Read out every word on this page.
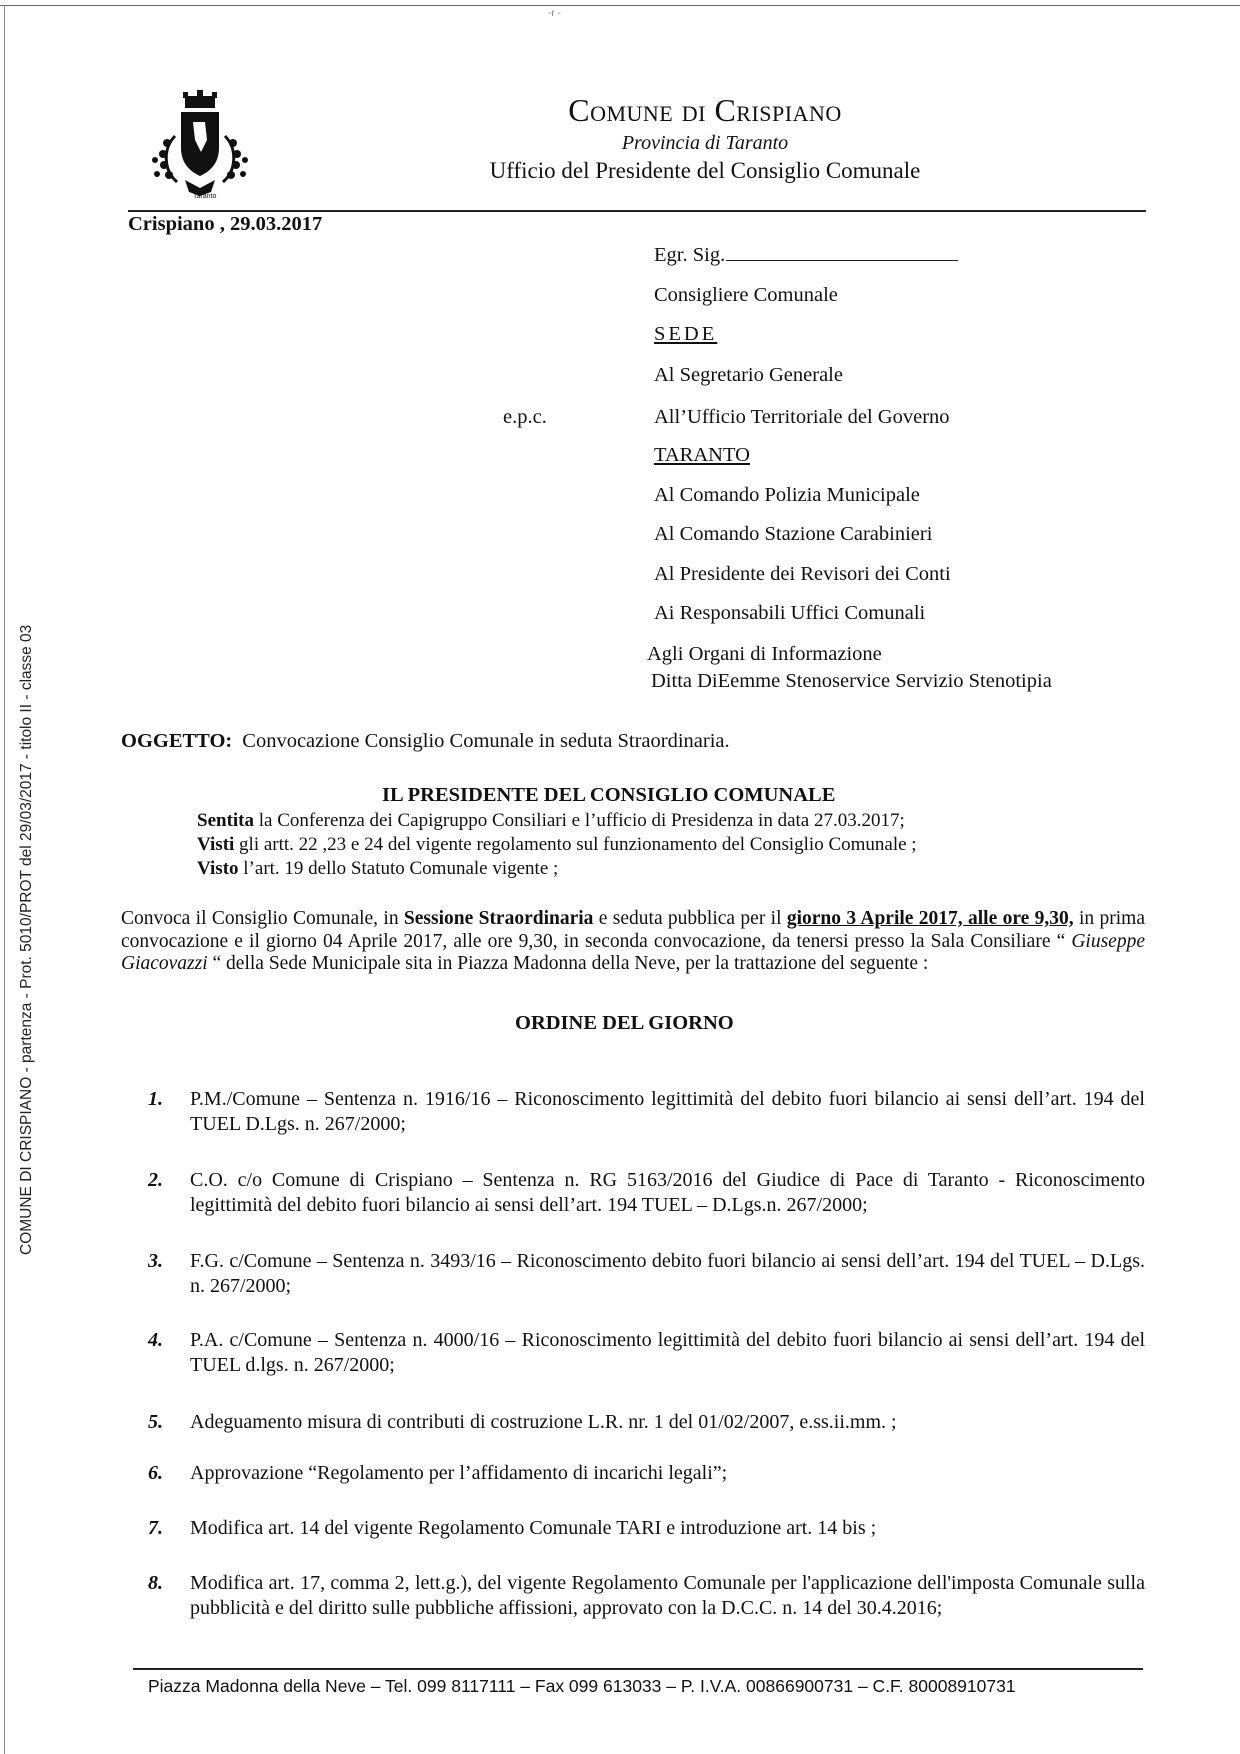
-r -
COMUNE DI CRISPIANO - partenza - Prot. 5010/PROT del 29/03/2017 - titolo II - classe 03
Taranto
Comune di Crispiano
Provincia di Taranto
Ufficio del Presidente del Consiglio Comunale
Crispiano , 29.03.2017
Egr. Sig.
Consigliere Comunale
SEDE
Al Segretario Generale
e.p.c.	All’Ufficio Territoriale del Governo
TARANTO
Al Comando Polizia Municipale
Al Comando Stazione Carabinieri
Al Presidente dei Revisori dei Conti
Ai Responsabili Uffici Comunali
Agli Organi di Informazione
Ditta DiEemme Stenoservice Servizio Stenotipia
OGGETTO: Convocazione Consiglio Comunale in seduta Straordinaria.
IL PRESIDENTE DEL CONSIGLIO COMUNALE
Sentita la Conferenza dei Capigruppo Consiliari e l’ufficio di Presidenza in data 27.03.2017;
Visti gli artt. 22 ,23 e 24 del vigente regolamento sul funzionamento del Consiglio Comunale ;
Visto l’art. 19 dello Statuto Comunale vigente ;
Convoca il Consiglio Comunale, in Sessione Straordinaria e seduta pubblica per il giorno 3 Aprile 2017, alle ore 9,30, in prima convocazione e il giorno 04 Aprile 2017, alle ore 9,30, in seconda convocazione, da tenersi presso la Sala Consiliare “ Giuseppe Giacovazzi “ della Sede Municipale sita in Piazza Madonna della Neve, per la trattazione del seguente :
ORDINE DEL GIORNO
1.	P.M./Comune – Sentenza n. 1916/16 – Riconoscimento legittimità del debito fuori bilancio ai sensi dell’art. 194 del TUEL D.Lgs. n. 267/2000;
2.	C.O. c/o Comune di Crispiano – Sentenza n. RG 5163/2016 del Giudice di Pace di Taranto - Riconoscimento legittimità del debito fuori bilancio ai sensi dell’art. 194 TUEL – D.Lgs.n. 267/2000;
3.	F.G. c/Comune – Sentenza n. 3493/16 – Riconoscimento debito fuori bilancio ai sensi dell’art. 194 del TUEL – D.Lgs. n. 267/2000;
4.	P.A. c/Comune – Sentenza n. 4000/16 – Riconoscimento legittimità del debito fuori bilancio ai sensi dell’art. 194 del TUEL d.lgs. n. 267/2000;
5.	Adeguamento misura di contributi di costruzione L.R. nr. 1 del 01/02/2007, e.ss.ii.mm. ;
6.	Approvazione “Regolamento per l’affidamento di incarichi legali”;
7.	Modifica art. 14 del vigente Regolamento Comunale TARI e introduzione art. 14 bis ;
8.	Modifica art. 17, comma 2, lett.g.), del vigente Regolamento Comunale per l'applicazione dell'imposta Comunale sulla pubblicità e del diritto sulle pubbliche affissioni, approvato con la D.C.C. n. 14 del 30.4.2016;
Piazza Madonna della Neve – Tel. 099 8117111 – Fax 099 613033 – P. I.V.A. 00866900731 – C.F. 80008910731
